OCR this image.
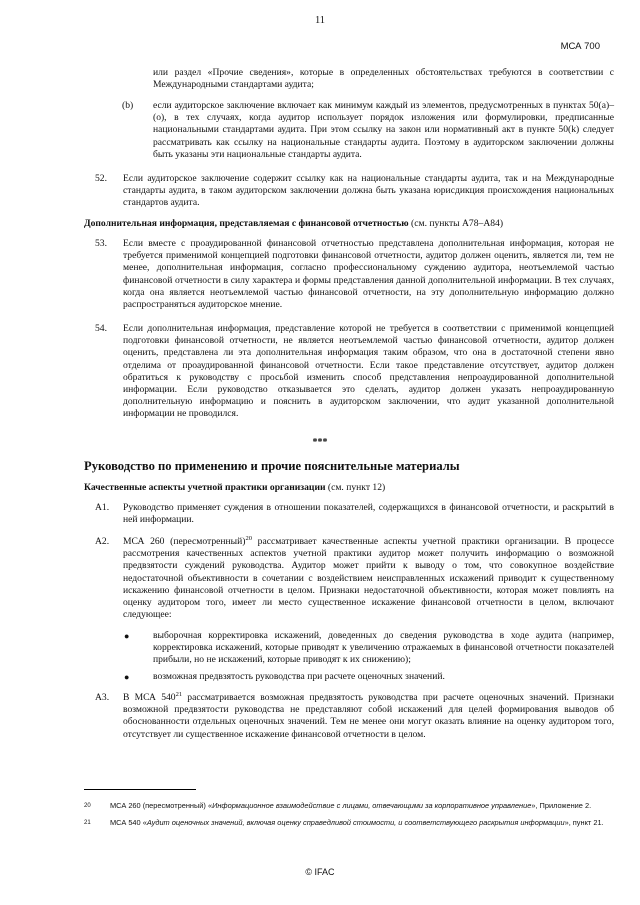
11
МСА 700
или раздел «Прочие сведения», которые в определенных обстоятельствах требуются в соответствии с Международными стандартами аудита;
(b) если аудиторское заключение включает как минимум каждый из элементов, предусмотренных в пунктах 50(a)–(o), в тех случаях, когда аудитор использует порядок изложения или формулировки, предписанные национальными стандартами аудита. При этом ссылку на закон или нормативный акт в пункте 50(k) следует рассматривать как ссылку на национальные стандарты аудита. Поэтому в аудиторском заключении должны быть указаны эти национальные стандарты аудита.
52. Если аудиторское заключение содержит ссылку как на национальные стандарты аудита, так и на Международные стандарты аудита, в таком аудиторском заключении должна быть указана юрисдикция происхождения национальных стандартов аудита.
Дополнительная информация, представляемая с финансовой отчетностью (см. пункты A78–A84)
53. Если вместе с проаудированной финансовой отчетностью представлена дополнительная информация, которая не требуется применимой концепцией подготовки финансовой отчетности, аудитор должен оценить, является ли, тем не менее, дополнительная информация, согласно профессиональному суждению аудитора, неотъемлемой частью финансовой отчетности в силу характера и формы представления данной дополнительной информации. В тех случаях, когда она является неотъемлемой частью финансовой отчетности, на эту дополнительную информацию должно распространяться аудиторское мнение.
54. Если дополнительная информация, представление которой не требуется в соответствии с применимой концепцией подготовки финансовой отчетности, не является неотъемлемой частью финансовой отчетности, аудитор должен оценить, представлена ли эта дополнительная информация таким образом, что она в достаточной степени явно отделима от проаудированной финансовой отчетности. Если такое представление отсутствует, аудитор должен обратиться к руководству с просьбой изменить способ представления непроаудированной дополнительной информации. Если руководство отказывается это сделать, аудитор должен указать непроаудированную дополнительную информацию и пояснить в аудиторском заключении, что аудит указанной дополнительной информации не проводился.
***
Руководство по применению и прочие пояснительные материалы
Качественные аспекты учетной практики организации (см. пункт 12)
A1. Руководство применяет суждения в отношении показателей, содержащихся в финансовой отчетности, и раскрытий в ней информации.
A2. МСА 260 (пересмотренный)$^{20}$ рассматривает качественные аспекты учетной практики организации. В процессе рассмотрения качественных аспектов учетной практики аудитор может получить информацию о возможной предвзятости суждений руководства. Аудитор может прийти к выводу о том, что совокупное воздействие недостаточной объективности в сочетании с воздействием неисправленных искажений приводит к существенному искажению финансовой отчетности в целом. Признаки недостаточной объективности, которая может повлиять на оценку аудитором того, имеет ли место существенное искажение финансовой отчетности в целом, включают следующее:
● выборочная корректировка искажений, доведенных до сведения руководства в ходе аудита (например, корректировка искажений, которые приводят к увеличению отражаемых в финансовой отчетности показателей прибыли, но не искажений, которые приводят к их снижению);
● возможная предвзятость руководства при расчете оценочных значений.
A3. В МСА $540^{21}$ рассматривается возможная предвзятость руководства при расчете оценочных значений. Признаки возможной предвзятости руководства не представляют собой искажений для целей формирования выводов об обоснованности отдельных оценочных значений. Тем не менее они могут оказать влияние на оценку аудитором того, отсутствует ли существенное искажение финансовой отчетности в целом.
20	МСА 260 (пересмотренный) «Информационное взаимодействие с лицами, отвечающими за корпоративное управление», Приложение 2.
21	МСА 540 «Аудит оценочных значений, включая оценку справедливой стоимости, и соответствующего раскрытия информации», пункт 21.
© IFAC
